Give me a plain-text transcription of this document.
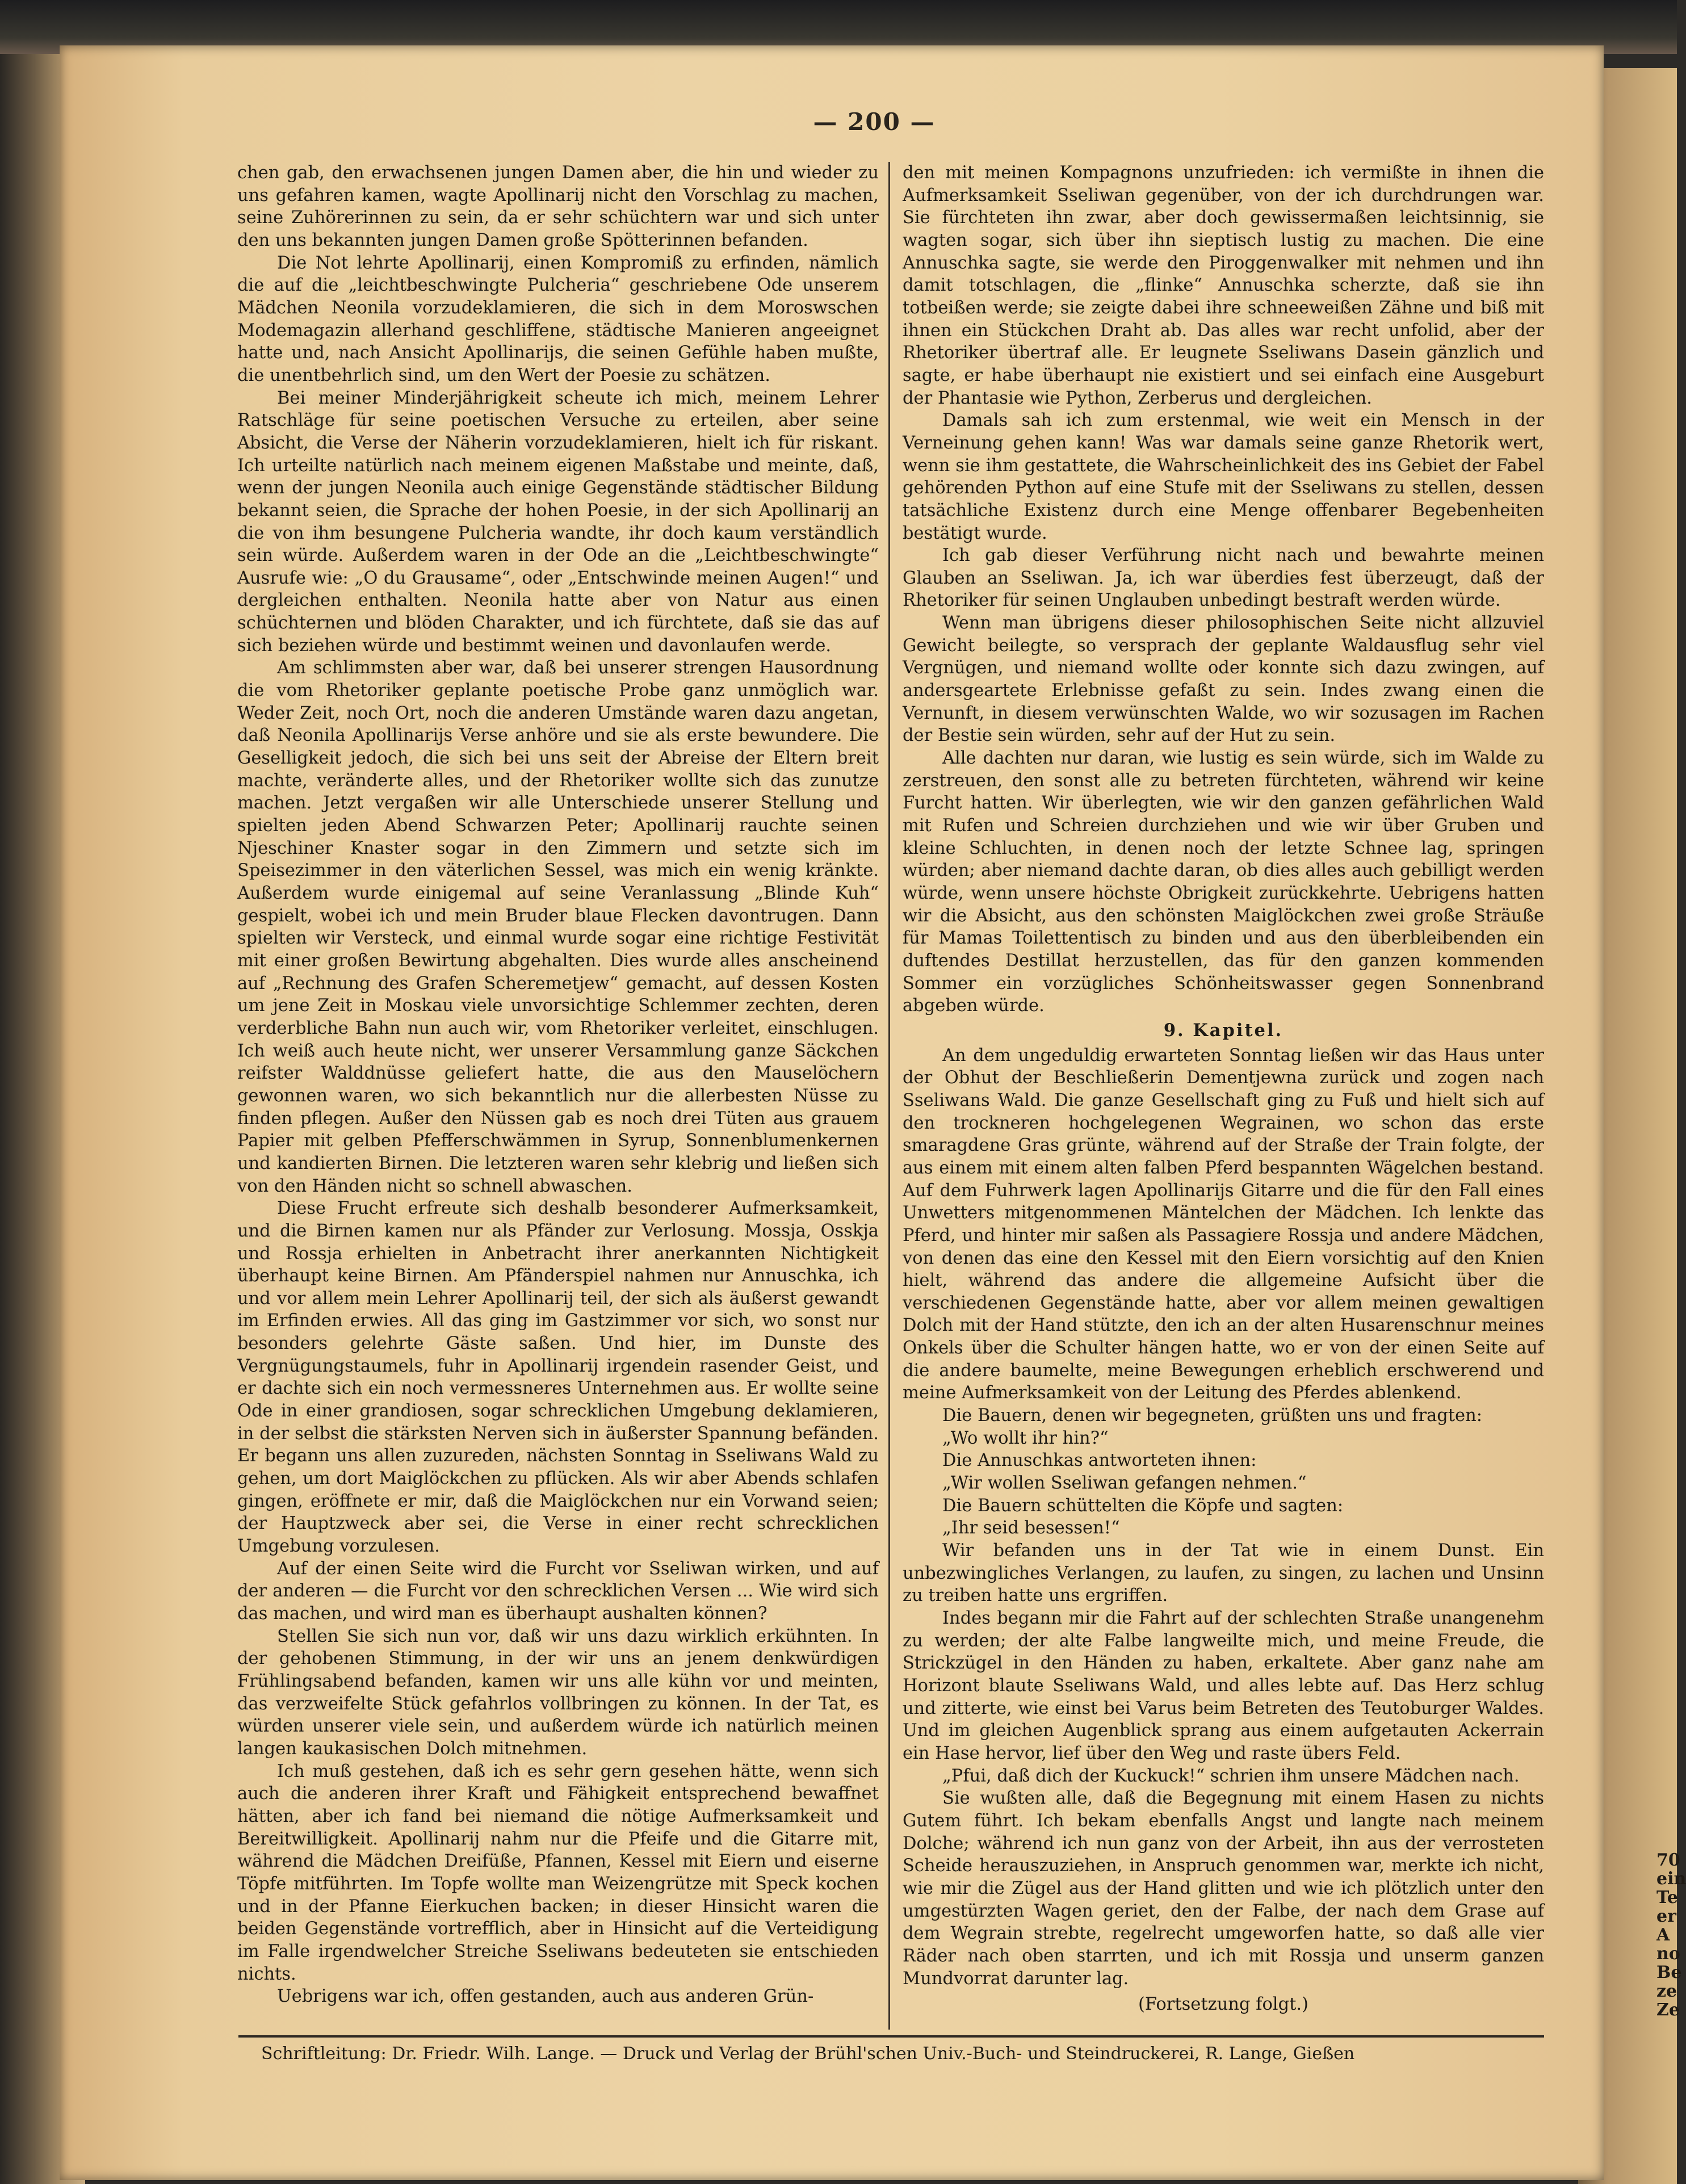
70
ein
Te
er
A
no
Be
ze
Ze
— 200 —

chen gab, den erwachsenen jungen Damen aber, die hin und wieder zu uns gefahren kamen, wagte Apollinarij nicht den Vorschlag zu machen, seine Zuhörerinnen zu sein, da er sehr schüchtern war und sich unter den uns bekannten jungen Damen große Spötterinnen befanden.

Die Not lehrte Apollinarij, einen Kompromiß zu erfinden, nämlich die auf die „leichtbeschwingte Pulcheria“ geschriebene Ode unserem Mädchen Neonila vorzudeklamieren, die sich in dem Moroswschen Modemagazin allerhand geschliffene, städtische Manieren angeeignet hatte und, nach Ansicht Apollinarijs, die seinen Gefühle haben mußte, die unentbehrlich sind, um den Wert der Poesie zu schätzen.

Bei meiner Minderjährigkeit scheute ich mich, meinem Lehrer Ratschläge für seine poetischen Versuche zu erteilen, aber seine Absicht, die Verse der Näherin vorzudeklamieren, hielt ich für riskant. Ich urteilte natürlich nach meinem eigenen Maßstabe und meinte, daß, wenn der jungen Neonila auch einige Gegenstände städtischer Bildung bekannt seien, die Sprache der hohen Poesie, in der sich Apollinarij an die von ihm besungene Pulcheria wandte, ihr doch kaum verständlich sein würde. Außerdem waren in der Ode an die „Leichtbeschwingte“ Ausrufe wie: „O du Grausame“, oder „Entschwinde meinen Augen!“ und dergleichen enthalten. Neonila hatte aber von Natur aus einen schüchternen und blöden Charakter, und ich fürchtete, daß sie das auf sich beziehen würde und bestimmt weinen und davonlaufen werde.

Am schlimmsten aber war, daß bei unserer strengen Hausordnung die vom Rhetoriker geplante poetische Probe ganz unmöglich war. Weder Zeit, noch Ort, noch die anderen Umstände waren dazu angetan, daß Neonila Apollinarijs Verse anhöre und sie als erste bewundere. Die Geselligkeit jedoch, die sich bei uns seit der Abreise der Eltern breit machte, veränderte alles, und der Rhetoriker wollte sich das zunutze machen. Jetzt vergaßen wir alle Unterschiede unserer Stellung und spielten jeden Abend Schwarzen Peter; Apollinarij rauchte seinen Njeschiner Knaster sogar in den Zimmern und setzte sich im Speisezimmer in den väterlichen Sessel, was mich ein wenig kränkte. Außerdem wurde einigemal auf seine Veranlassung „Blinde Kuh“ gespielt, wobei ich und mein Bruder blaue Flecken davontrugen. Dann spielten wir Versteck, und einmal wurde sogar eine richtige Festivität mit einer großen Bewirtung abgehalten. Dies wurde alles anscheinend auf „Rechnung des Grafen Scheremetjew“ gemacht, auf dessen Kosten um jene Zeit in Moskau viele unvorsichtige Schlemmer zechten, deren verderbliche Bahn nun auch wir, vom Rhetoriker verleitet, einschlugen. Ich weiß auch heute nicht, wer unserer Versammlung ganze Säckchen reifster Walddnüsse geliefert hatte, die aus den Mauselöchern gewonnen waren, wo sich bekanntlich nur die allerbesten Nüsse zu finden pflegen. Außer den Nüssen gab es noch drei Tüten aus grauem Papier mit gelben Pfefferschwämmen in Syrup, Sonnenblumenkernen und kandierten Birnen. Die letzteren waren sehr klebrig und ließen sich von den Händen nicht so schnell abwaschen.

Diese Frucht erfreute sich deshalb besonderer Aufmerksamkeit, und die Birnen kamen nur als Pfänder zur Verlosung. Mossja, Osskja und Rossja erhielten in Anbetracht ihrer anerkannten Nichtigkeit überhaupt keine Birnen. Am Pfänderspiel nahmen nur Annuschka, ich und vor allem mein Lehrer Apollinarij teil, der sich als äußerst gewandt im Erfinden erwies. All das ging im Gastzimmer vor sich, wo sonst nur besonders gelehrte Gäste saßen. Und hier, im Dunste des Vergnügungstaumels, fuhr in Apollinarij irgendein rasender Geist, und er dachte sich ein noch vermessneres Unternehmen aus. Er wollte seine Ode in einer grandiosen, sogar schrecklichen Umgebung deklamieren, in der selbst die stärksten Nerven sich in äußerster Spannung befänden. Er begann uns allen zuzureden, nächsten Sonntag in Sseliwans Wald zu gehen, um dort Maiglöckchen zu pflücken. Als wir aber Abends schlafen gingen, eröffnete er mir, daß die Maiglöckchen nur ein Vorwand seien; der Hauptzweck aber sei, die Verse in einer recht schrecklichen Umgebung vorzulesen.

Auf der einen Seite wird die Furcht vor Sseliwan wirken, und auf der anderen — die Furcht vor den schrecklichen Versen ... Wie wird sich das machen, und wird man es überhaupt aushalten können?

Stellen Sie sich nun vor, daß wir uns dazu wirklich erkühnten. In der gehobenen Stimmung, in der wir uns an jenem denkwürdigen Frühlingsabend befanden, kamen wir uns alle kühn vor und meinten, das verzweifelte Stück gefahrlos vollbringen zu können. In der Tat, es würden unserer viele sein, und außerdem würde ich natürlich meinen langen kaukasischen Dolch mitnehmen.

Ich muß gestehen, daß ich es sehr gern gesehen hätte, wenn sich auch die anderen ihrer Kraft und Fähigkeit entsprechend bewaffnet hätten, aber ich fand bei niemand die nötige Aufmerksamkeit und Bereitwilligkeit. Apollinarij nahm nur die Pfeife und die Gitarre mit, während die Mädchen Dreifüße, Pfannen, Kessel mit Eiern und eiserne Töpfe mitführten. Im Topfe wollte man Weizengrütze mit Speck kochen und in der Pfanne Eierkuchen backen; in dieser Hinsicht waren die beiden Gegenstände vortrefflich, aber in Hinsicht auf die Verteidigung im Falle irgendwelcher Streiche Sseliwans bedeuteten sie entschieden nichts.

Uebrigens war ich, offen gestanden, auch aus anderen Grün-

den mit meinen Kompagnons unzufrieden: ich vermißte in ihnen die Aufmerksamkeit Sseliwan gegenüber, von der ich durchdrungen war. Sie fürchteten ihn zwar, aber doch gewissermaßen leichtsinnig, sie wagten sogar, sich über ihn sieptisch lustig zu machen. Die eine Annuschka sagte, sie werde den Piroggenwalker mit nehmen und ihn damit totschlagen, die „flinke“ Annuschka scherzte, daß sie ihn totbeißen werde; sie zeigte dabei ihre schneeweißen Zähne und biß mit ihnen ein Stückchen Draht ab. Das alles war recht unfolid, aber der Rhetoriker übertraf alle. Er leugnete Sseliwans Dasein gänzlich und sagte, er habe überhaupt nie existiert und sei einfach eine Ausgeburt der Phantasie wie Python, Zerberus und dergleichen.

Damals sah ich zum erstenmal, wie weit ein Mensch in der Verneinung gehen kann! Was war damals seine ganze Rhetorik wert, wenn sie ihm gestattete, die Wahrscheinlichkeit des ins Gebiet der Fabel gehörenden Python auf eine Stufe mit der Sseliwans zu stellen, dessen tatsächliche Existenz durch eine Menge offenbarer Begebenheiten bestätigt wurde.

Ich gab dieser Verführung nicht nach und bewahrte meinen Glauben an Sseliwan. Ja, ich war überdies fest überzeugt, daß der Rhetoriker für seinen Unglauben unbedingt bestraft werden würde.

Wenn man übrigens dieser philosophischen Seite nicht allzuviel Gewicht beilegte, so versprach der geplante Waldausflug sehr viel Vergnügen, und niemand wollte oder konnte sich dazu zwingen, auf andersgeartete Erlebnisse gefaßt zu sein. Indes zwang einen die Vernunft, in diesem verwünschten Walde, wo wir sozusagen im Rachen der Bestie sein würden, sehr auf der Hut zu sein.

Alle dachten nur daran, wie lustig es sein würde, sich im Walde zu zerstreuen, den sonst alle zu betreten fürchteten, während wir keine Furcht hatten. Wir überlegten, wie wir den ganzen gefährlichen Wald mit Rufen und Schreien durchziehen und wie wir über Gruben und kleine Schluchten, in denen noch der letzte Schnee lag, springen würden; aber niemand dachte daran, ob dies alles auch gebilligt werden würde, wenn unsere höchste Obrigkeit zurückkehrte. Uebrigens hatten wir die Absicht, aus den schönsten Maiglöckchen zwei große Sträuße für Mamas Toilettentisch zu binden und aus den überbleibenden ein duftendes Destillat herzustellen, das für den ganzen kommenden Sommer ein vorzügliches Schönheitswasser gegen Sonnenbrand abgeben würde.

9. Kapitel.

An dem ungeduldig erwarteten Sonntag ließen wir das Haus unter der Obhut der Beschließerin Dementjewna zurück und zogen nach Sseliwans Wald. Die ganze Gesellschaft ging zu Fuß und hielt sich auf den trockneren hochgelegenen Wegrainen, wo schon das erste smaragdene Gras grünte, während auf der Straße der Train folgte, der aus einem mit einem alten falben Pferd bespannten Wägelchen bestand. Auf dem Fuhrwerk lagen Apollinarijs Gitarre und die für den Fall eines Unwetters mitgenommenen Mäntelchen der Mädchen. Ich lenkte das Pferd, und hinter mir saßen als Passagiere Rossja und andere Mädchen, von denen das eine den Kessel mit den Eiern vorsichtig auf den Knien hielt, während das andere die allgemeine Aufsicht über die verschiedenen Gegenstände hatte, aber vor allem meinen gewaltigen Dolch mit der Hand stützte, den ich an der alten Husarenschnur meines Onkels über die Schulter hängen hatte, wo er von der einen Seite auf die andere baumelte, meine Bewegungen erheblich erschwerend und meine Aufmerksamkeit von der Leitung des Pferdes ablenkend.

Die Bauern, denen wir begegneten, grüßten uns und fragten:

„Wo wollt ihr hin?“

Die Annuschkas antworteten ihnen:

„Wir wollen Sseliwan gefangen nehmen.“

Die Bauern schüttelten die Köpfe und sagten:

„Ihr seid besessen!“

Wir befanden uns in der Tat wie in einem Dunst. Ein unbezwingliches Verlangen, zu laufen, zu singen, zu lachen und Unsinn zu treiben hatte uns ergriffen.

Indes begann mir die Fahrt auf der schlechten Straße unangenehm zu werden; der alte Falbe langweilte mich, und meine Freude, die Strickzügel in den Händen zu haben, erkaltete. Aber ganz nahe am Horizont blaute Sseliwans Wald, und alles lebte auf. Das Herz schlug und zitterte, wie einst bei Varus beim Betreten des Teutoburger Waldes. Und im gleichen Augenblick sprang aus einem aufgetauten Ackerrain ein Hase hervor, lief über den Weg und raste übers Feld.

„Pfui, daß dich der Kuckuck!“ schrien ihm unsere Mädchen nach.

Sie wußten alle, daß die Begegnung mit einem Hasen zu nichts Gutem führt. Ich bekam ebenfalls Angst und langte nach meinem Dolche; während ich nun ganz von der Arbeit, ihn aus der verrosteten Scheide herauszuziehen, in Anspruch genommen war, merkte ich nicht, wie mir die Zügel aus der Hand glitten und wie ich plötzlich unter den umgestürzten Wagen geriet, den der Falbe, der nach dem Grase auf dem Wegrain strebte, regelrecht umgeworfen hatte, so daß alle vier Räder nach oben starrten, und ich mit Rossja und unserm ganzen Mundvorrat darunter lag.

(Fortsetzung folgt.)
Schriftleitung: Dr. Friedr. Wilh. Lange. — Druck und Verlag der Brühl'schen Univ.-Buch- und Steindruckerei, R. Lange, Gießen
